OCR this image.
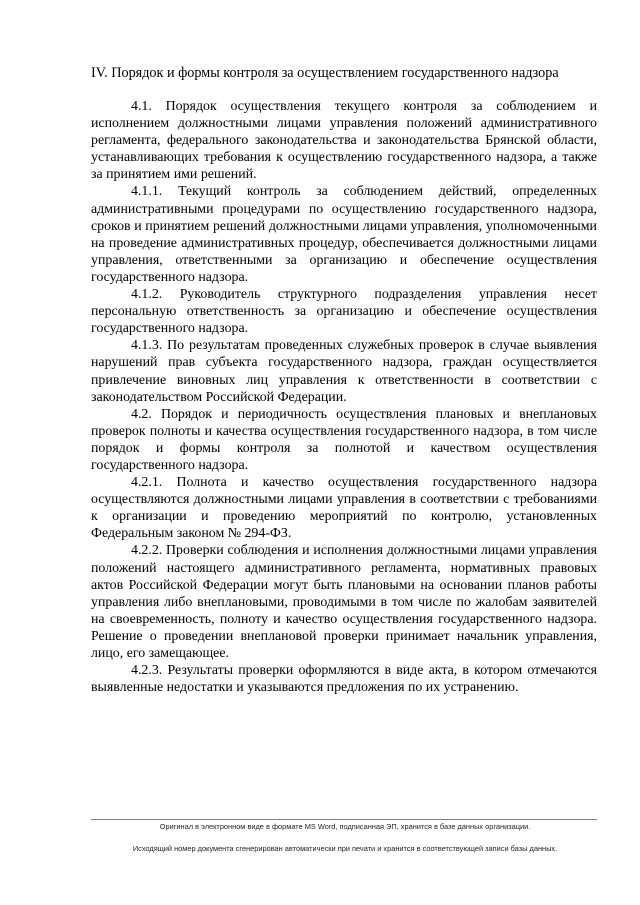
IV. Порядок и формы контроля за осуществлением государственного надзора

4.1. Порядок осуществления текущего контроля за соблюдением и исполнением должностными лицами управления положений административного регламента, федерального законодательства и законодательства Брянской области, устанавливающих требования к осуществлению государственного надзора, а также за принятием ими решений.

4.1.1. Текущий контроль за соблюдением действий, определенных административными процедурами по осуществлению государственного надзора, сроков и принятием решений должностными лицами управления, уполномоченными на проведение административных процедур, обеспечивается должностными лицами управления, ответственными за организацию и обеспечение осуществления государственного надзора.

4.1.2. Руководитель структурного подразделения управления несет персональную ответственность за организацию и обеспечение осуществления государственного надзора.

4.1.3. По результатам проведенных служебных проверок в случае выявления нарушений прав субъекта государственного надзора, граждан осуществляется привлечение виновных лиц управления к ответственности в соответствии с законодательством Российской Федерации.

4.2. Порядок и периодичность осуществления плановых и внеплановых проверок полноты и качества осуществления государственного надзора, в том числе порядок и формы контроля за полнотой и качеством осуществления государственного надзора.

4.2.1. Полнота и качество осуществления государственного надзора осуществляются должностными лицами управления в соответствии с требованиями к организации и проведению мероприятий по контролю, установленных Федеральным законом № 294-ФЗ.

4.2.2. Проверки соблюдения и исполнения должностными лицами управления положений настоящего административного регламента, нормативных правовых актов Российской Федерации могут быть плановыми на основании планов работы управления либо внеплановыми, проводимыми в том числе по жалобам заявителей на своевременность, полноту и качество осуществления государственного надзора. Решение о проведении внеплановой проверки принимает начальник управления, лицо, его замещающее.

4.2.3. Результаты проверки оформляются в виде акта, в котором отмечаются выявленные недостатки и указываются предложения по их устранению.

Оригинал в электронном виде в формате MS Word, подписанная ЭП, хранится в базе данных организации.
Исходящий номер документа сгенерирован автоматически при печати и хранится в соответствующей записи базы данных.
